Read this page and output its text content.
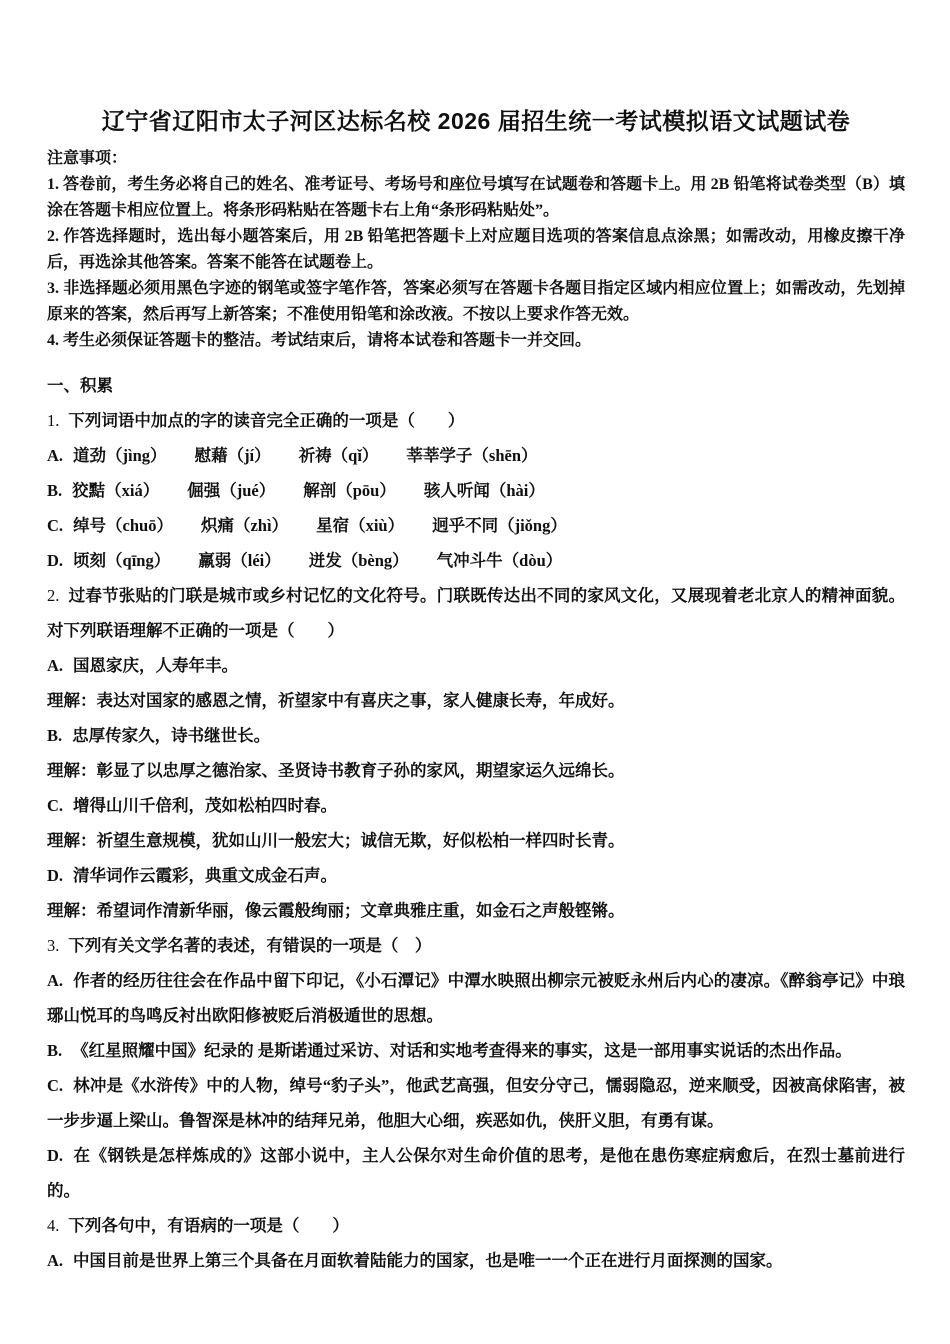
辽宁省辽阳市太子河区达标名校 2026 届招生统一考试模拟语文试题试卷

注意事项：

1. 答卷前，考生务必将自己的姓名、准考证号、考场号和座位号填写在试题卷和答题卡上。用 2B 铅笔将试卷类型（B）填涂在答题卡相应位置上。将条形码粘贴在答题卡右上角“条形码粘贴处”。

2. 作答选择题时，选出每小题答案后，用 2B 铅笔把答题卡上对应题目选项的答案信息点涂黑；如需改动，用橡皮擦干净后，再选涂其他答案。答案不能答在试题卷上。

3. 非选择题必须用黑色字迹的钢笔或签字笔作答，答案必须写在答题卡各题目指定区域内相应位置上；如需改动，先划掉原来的答案，然后再写上新答案；不准使用铅笔和涂改液。不按以上要求作答无效。

4. 考生必须保证答题卡的整洁。考试结束后，请将本试卷和答题卡一并交回。

一、积累

1. 下列词语中加点的字的读音完全正确的一项是（　　）

A. 道劲（jìng） 慰藉（jí） 祈祷（qǐ） 莘莘学子（shēn）

B. 狡黠（xiá） 倔强（jué） 解剖（pōu） 骇人听闻（hài）

C. 绰号（chuō） 炽痛（zhì） 星宿（xiù） 迥乎不同（jiǒng）

D. 顷刻（qīng） 羸弱（léi） 迸发（bèng） 气冲斗牛（dòu）

2. 过春节张贴的门联是城市或乡村记忆的文化符号。门联既传达出不同的家风文化，又展现着老北京人的精神面貌。对下列联语理解不正确的一项是（　　）

A. 国恩家庆，人寿年丰。

理解：表达对国家的感恩之情，祈望家中有喜庆之事，家人健康长寿，年成好。

B. 忠厚传家久，诗书继世长。

理解：彰显了以忠厚之德治家、圣贤诗书教育子孙的家风，期望家运久远绵长。

C. 增得山川千倍利，茂如松柏四时春。

理解：祈望生意规模，犹如山川一般宏大；诚信无欺，好似松柏一样四时长青。

D. 清华词作云霞彩，典重文成金石声。

理解：希望词作清新华丽，像云霞般绚丽；文章典雅庄重，如金石之声般铿锵。

3. 下列有关文学名著的表述，有错误的一项是（　）

A. 作者的经历往往会在作品中留下印记，《小石潭记》中潭水映照出柳宗元被贬永州后内心的凄凉。《醉翁亭记》中琅琊山悦耳的鸟鸣反衬出欧阳修被贬后消极遁世的思想。

B. 《红星照耀中国》纪录的 是斯诺通过采访、对话和实地考查得来的事实，这是一部用事实说话的杰出作品。

C. 林冲是《水浒传》中的人物，绰号“豹子头”，他武艺高强，但安分守己，懦弱隐忍，逆来顺受，因被高俅陷害，被一步步逼上梁山。鲁智深是林冲的结拜兄弟，他胆大心细，疾恶如仇，侠肝义胆，有勇有谋。

D. 在《钢铁是怎样炼成的》这部小说中，主人公保尔对生命价值的思考，是他在患伤寒症病愈后，在烈士墓前进行的。

4. 下列各句中，有语病的一项是（　　）

A. 中国目前是世界上第三个具备在月面软着陆能力的国家，也是唯一一个正在进行月面探测的国家。
